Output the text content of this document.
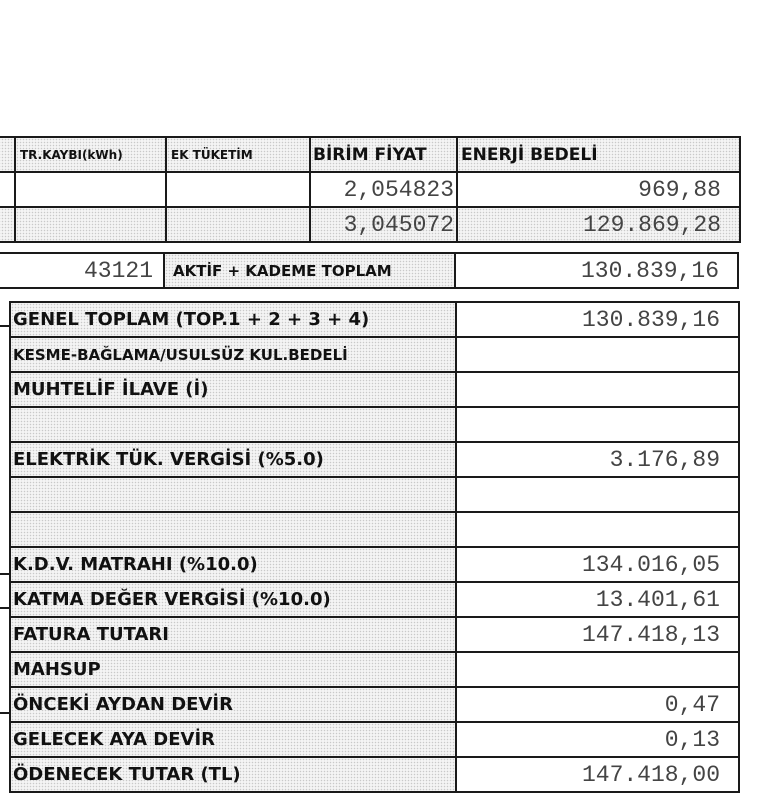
	TR.KAYBI(kWh)	EK TÜKETİM	BİRİM FİYAT	ENERJİ BEDELİ
			2,054823	969,88
			3,045072	129.869,28
43121	AKTİF + KADEME TOPLAM	130.839,16
GENEL TOPLAM (TOP.1 + 2 + 3 + 4)	130.839,16
KESME-BAĞLAMA/USULSÜZ KUL.BEDELİ	
MUHTELİF İLAVE (İ)	

ELEKTRİK TÜK. VERGİSİ (%5.0)	3.176,89

K.D.V. MATRAHI (%10.0)	134.016,05
KATMA DEĞER VERGİSİ (%10.0)	13.401,61
FATURA TUTARI	147.418,13
MAHSUP	
ÖNCEKİ AYDAN DEVİR	0,47
GELECEK AYA DEVİR	0,13
ÖDENECEK TUTAR (TL)	147.418,00
